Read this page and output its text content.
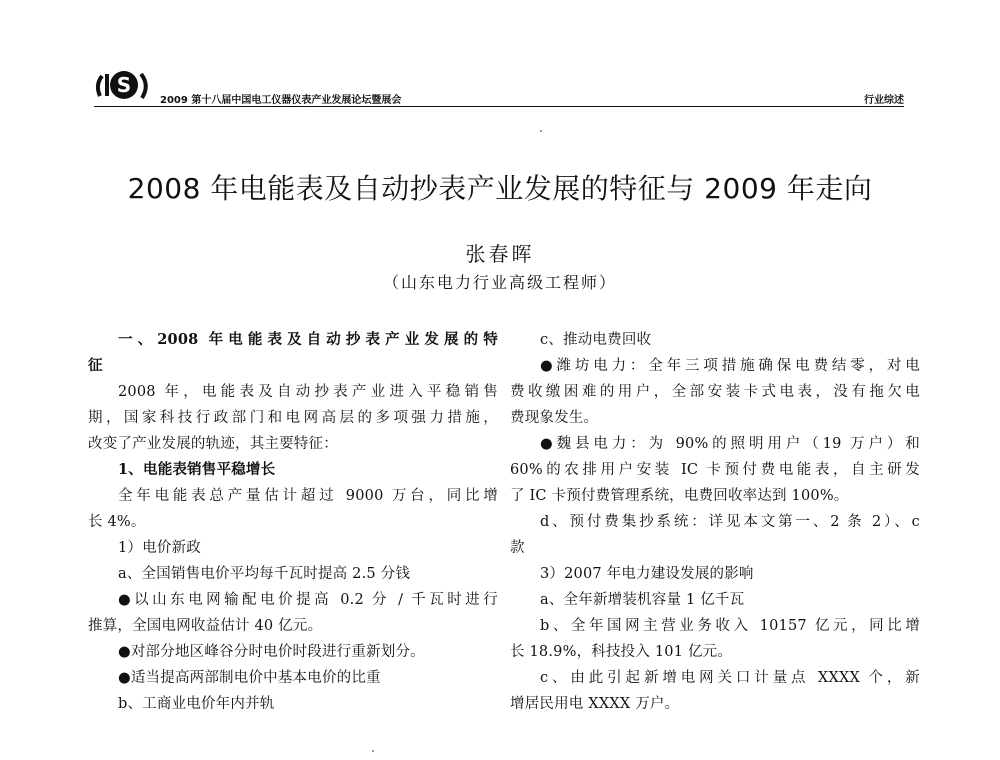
S
2009 第十八届中国电工仪器仪表产业发展论坛暨展会	行业综述
2008 年电能表及自动抄表产业发展的特征与 2009 年走向
张春晖
（山东电力行业高级工程师）
一、2008 年电能表及自动抄表产业发展的特
征
2008 年，电能表及自动抄表产业进入平稳销售
期，国家科技行政部门和电网高层的多项强力措施，
改变了产业发展的轨迹，其主要特征：
1、电能表销售平稳增长
全年电能表总产量估计超过 9000 万台，同比增
长 4%。
1）电价新政
a、全国销售电价平均每千瓦时提高 2.5 分钱
●以山东电网输配电价提高 0.2 分 / 千瓦时进行
推算，全国电网收益估计 40 亿元。
●对部分地区峰谷分时电价时段进行重新划分。
●适当提高两部制电价中基本电价的比重
b、工商业电价年内并轨
c、推动电费回收
●潍坊电力：全年三项措施确保电费结零，对电
费收缴困难的用户，全部安装卡式电表，没有拖欠电
费现象发生。
●魏县电力：为 90%的照明用户（19 万户）和
60%的农排用户安装 IC 卡预付费电能表，自主研发
了 IC 卡预付费管理系统，电费回收率达到 100%。
d、预付费集抄系统：详见本文第一、2 条 2）、c
款
3）2007 年电力建设发展的影响
a、全年新增装机容量 1 亿千瓦
b、全年国网主营业务收入 10157 亿元，同比增
长 18.9%，科技投入 101 亿元。
c、由此引起新增电网关口计量点 XXXX 个，新
增居民用电 XXXX 万户。
